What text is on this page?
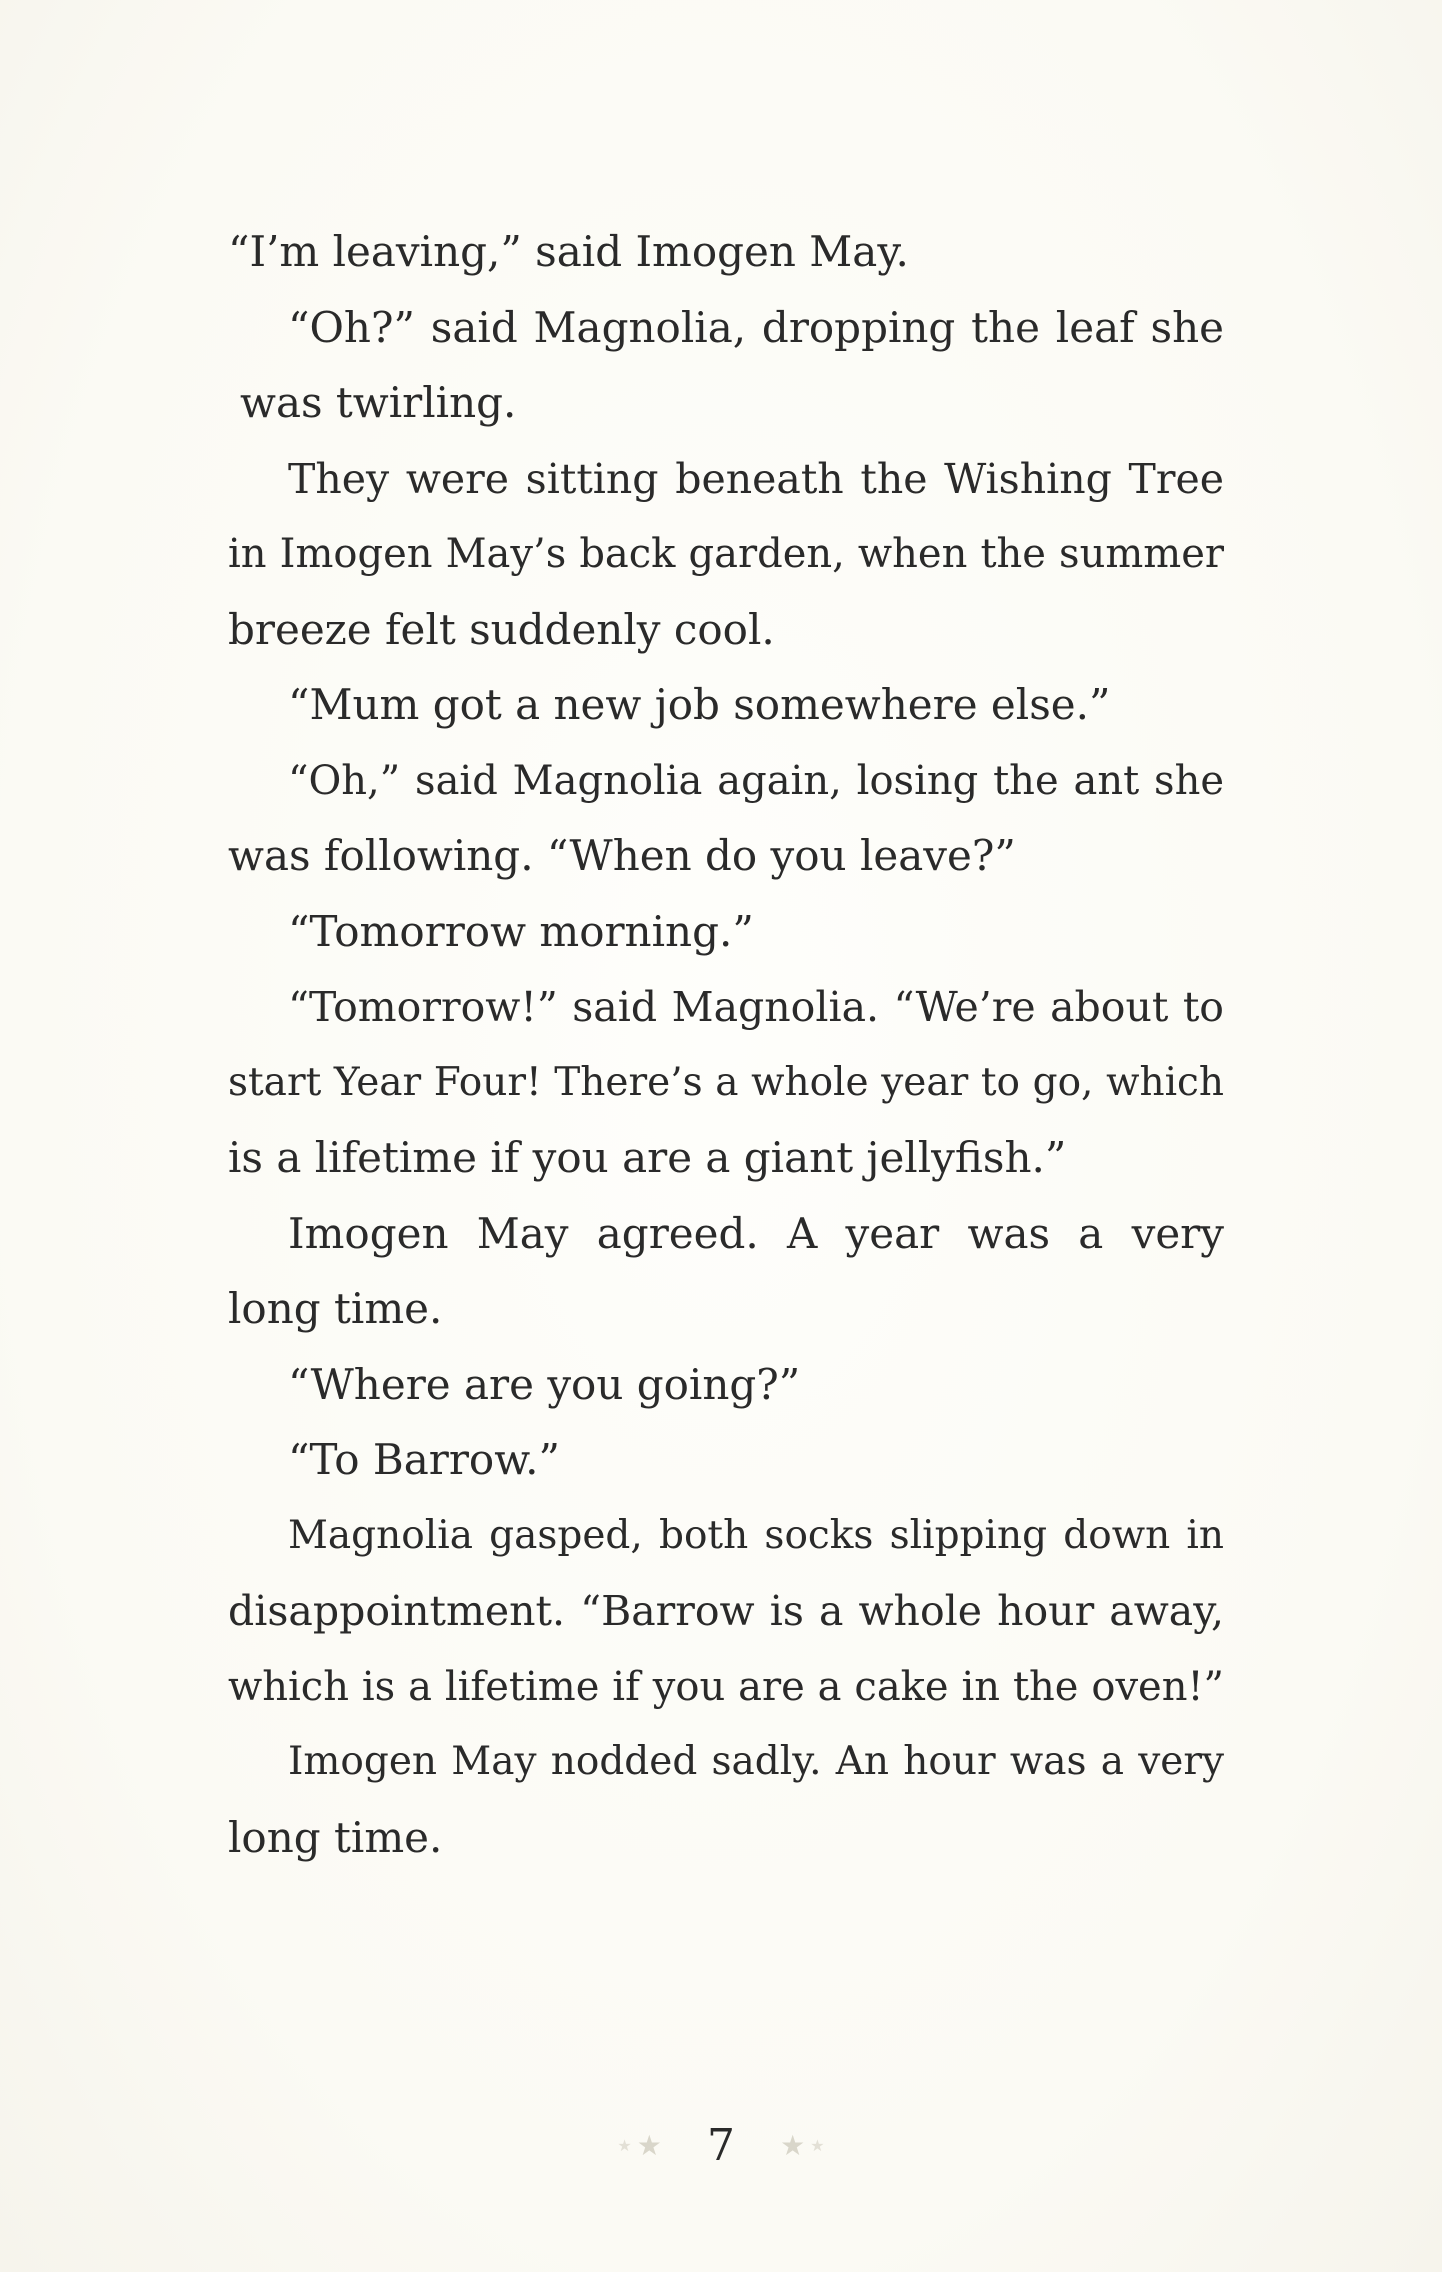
“I’m leaving,” said Imogen May.
“Oh?” said Magnolia, dropping the leaf she
was twirling.
They were sitting beneath the Wishing Tree
in Imogen May’s back garden, when the summer
breeze felt suddenly cool.
“Mum got a new job somewhere else.”
“Oh,” said Magnolia again, losing the ant she
was following. “When do you leave?”
“Tomorrow morning.”
“Tomorrow!” said Magnolia. “We’re about to
start Year Four! There’s a whole year to go, which
is a lifetime if you are a giant jellyfish.”
Imogen May agreed. A year was a very
long time.
“Where are you going?”
“To Barrow.”
Magnolia gasped, both socks slipping down in
disappointment. “Barrow is a whole hour away,
which is a lifetime if you are a cake in the oven!”
Imogen May nodded sadly. An hour was a very
long time.
★ ★ 7 ★ ★
